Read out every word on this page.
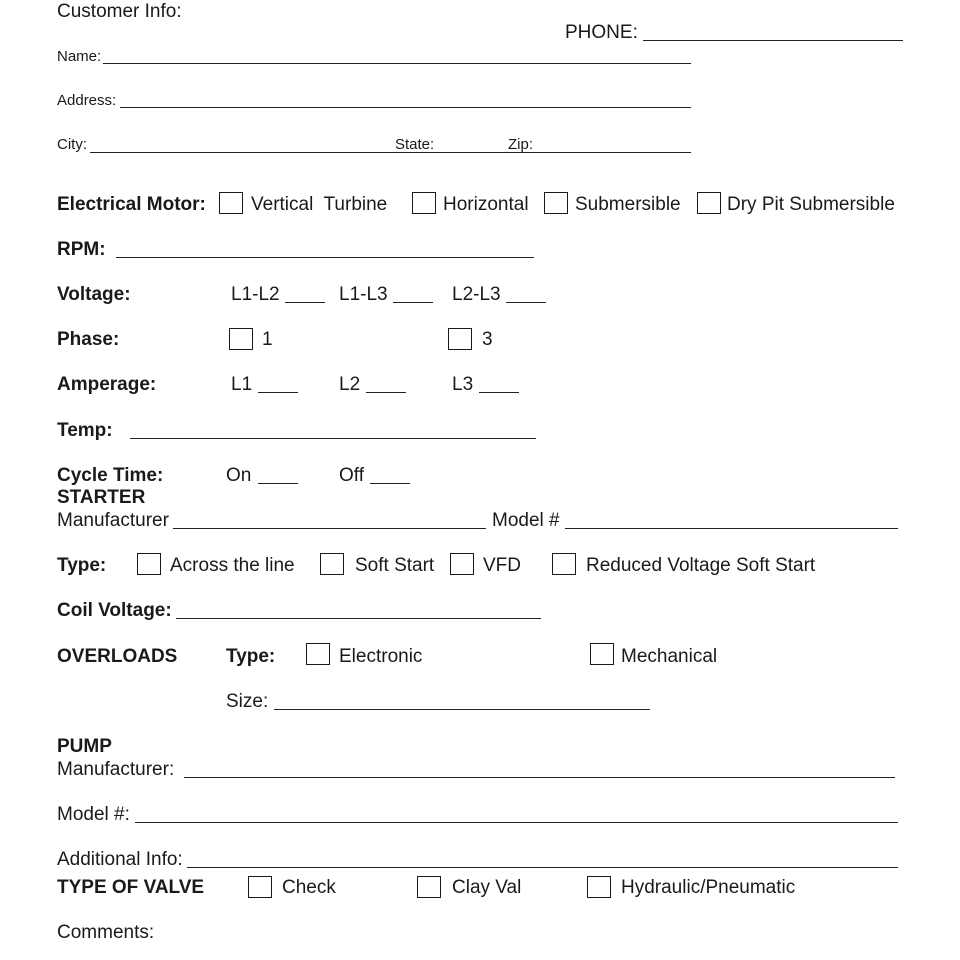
Customer Info:
PHONE:
Name:
Address:
City:	State:	Zip:
Electrical Motor: Vertical  Turbine	Horizontal Submersible Dry Pit Submersible
RPM:
Voltage:	L1-L2	L1-L3	L2-L3
Phase:	1	3
Amperage:	L1	L2	L3
Temp:
Cycle Time:	On	Off
STARTER
Manufacturer	Model #
Type:	Across the line	Soft Start	VFD	Reduced Voltage Soft Start
Coil Voltage:
OVERLOADS	Type:	Electronic	Mechanical
Size:
PUMP
Manufacturer:
Model #:
Additional Info:
TYPE OF VALVE	Check	Clay Val	Hydraulic/Pneumatic
Comments:
